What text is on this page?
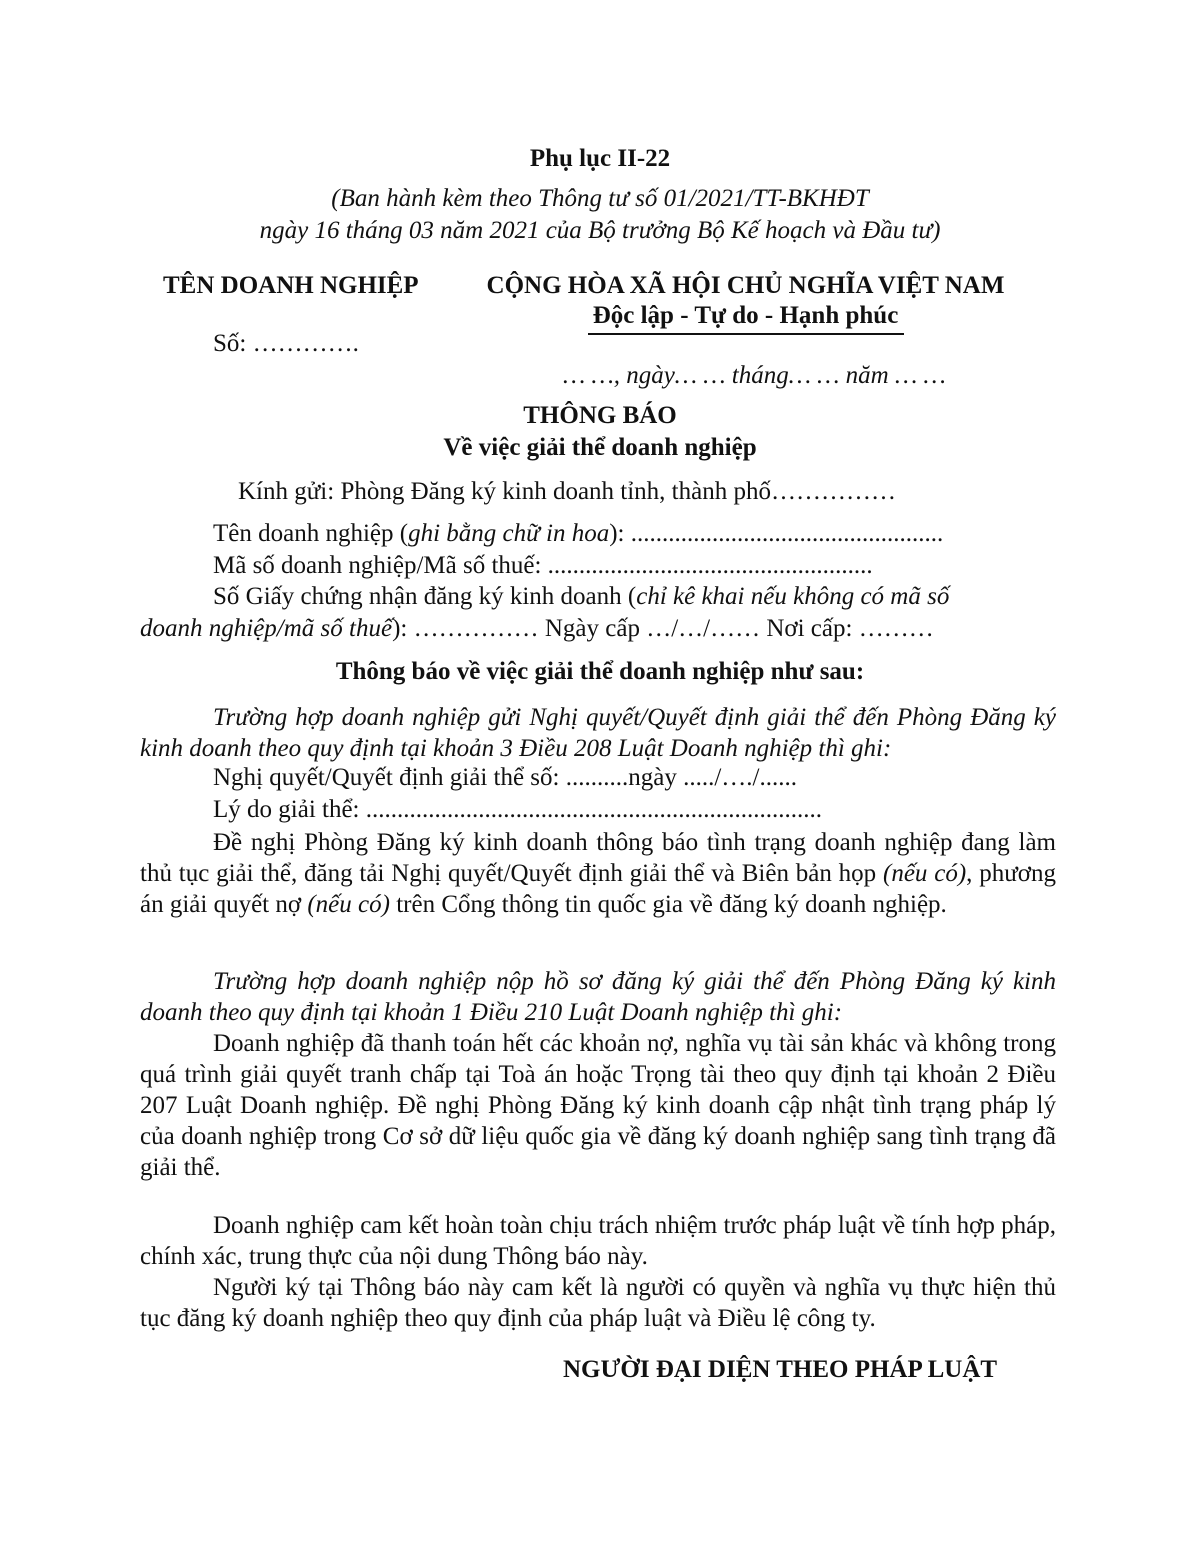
Phụ lục II-22
(Ban hành kèm theo Thông tư số 01/2021/TT-BKHĐT
ngày 16 tháng 03 năm 2021 của Bộ trưởng Bộ Kế hoạch và Đầu tư)
TÊN DOANH NGHIỆP	CỘNG HÒA XÃ HỘI CHỦ NGHĨA VIỆT NAM
Độc lập - Tự do - Hạnh phúc
Số: ………….
… …, ngày… … tháng… … năm … …
THÔNG BÁO
Về việc giải thể doanh nghiệp
Kính gửi: Phòng Đăng ký kinh doanh tỉnh, thành phố……………
Tên doanh nghiệp (ghi bằng chữ in hoa): ..................................................
Mã số doanh nghiệp/Mã số thuế: ....................................................
Số Giấy chứng nhận đăng ký kinh doanh (chỉ kê khai nếu không có mã số
doanh nghiệp/mã số thuế): …………… Ngày cấp …/…/…… Nơi cấp: ………
Thông báo về việc giải thể doanh nghiệp như sau:
Trường hợp doanh nghiệp gửi Nghị quyết/Quyết định giải thể đến Phòng Đăng ký kinh doanh theo quy định tại khoản 3 Điều 208 Luật Doanh nghiệp thì ghi:
Nghị quyết/Quyết định giải thể số: ..........ngày ...../…./......
Lý do giải thể: .........................................................................
Đề nghị Phòng Đăng ký kinh doanh thông báo tình trạng doanh nghiệp đang làm thủ tục giải thể, đăng tải Nghị quyết/Quyết định giải thể và Biên bản họp (nếu có), phương án giải quyết nợ (nếu có) trên Cổng thông tin quốc gia về đăng ký doanh nghiệp.
Trường hợp doanh nghiệp nộp hồ sơ đăng ký giải thể đến Phòng Đăng ký kinh doanh theo quy định tại khoản 1 Điều 210 Luật Doanh nghiệp thì ghi:
Doanh nghiệp đã thanh toán hết các khoản nợ, nghĩa vụ tài sản khác và không trong quá trình giải quyết tranh chấp tại Toà án hoặc Trọng tài theo quy định tại khoản 2 Điều 207 Luật Doanh nghiệp. Đề nghị Phòng Đăng ký kinh doanh cập nhật tình trạng pháp lý của doanh nghiệp trong Cơ sở dữ liệu quốc gia về đăng ký doanh nghiệp sang tình trạng đã giải thể.
Doanh nghiệp cam kết hoàn toàn chịu trách nhiệm trước pháp luật về tính hợp pháp, chính xác, trung thực của nội dung Thông báo này.
Người ký tại Thông báo này cam kết là người có quyền và nghĩa vụ thực hiện thủ tục đăng ký doanh nghiệp theo quy định của pháp luật và Điều lệ công ty.
NGƯỜI ĐẠI DIỆN THEO PHÁP LUẬT
